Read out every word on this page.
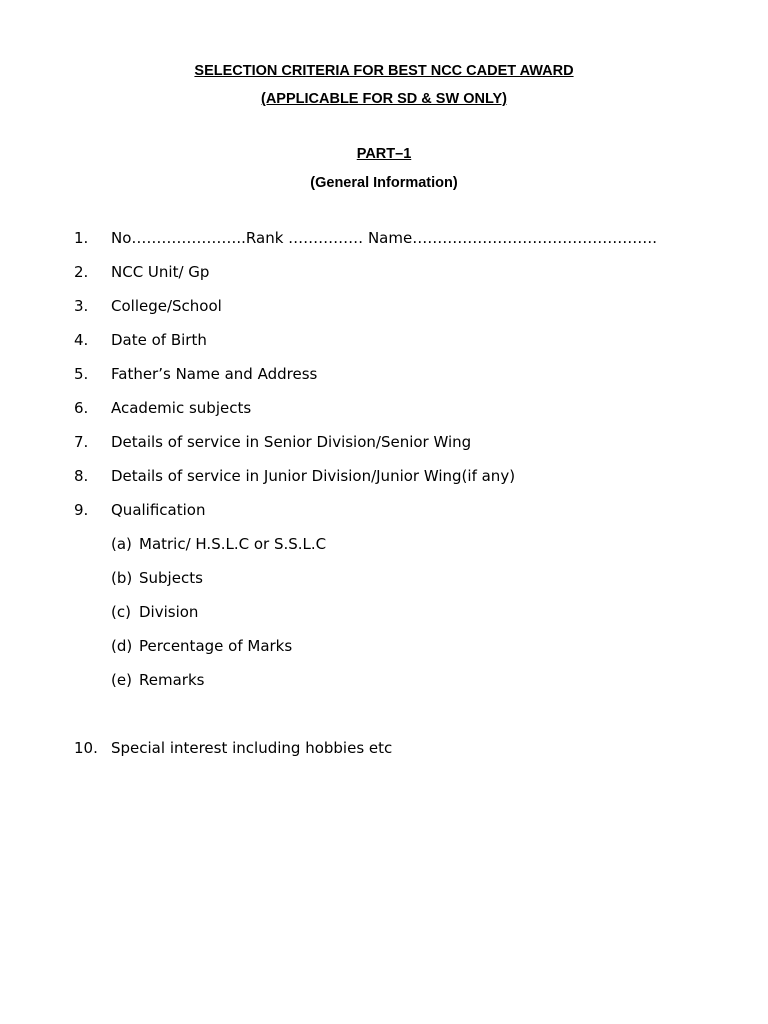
SELECTION CRITERIA FOR BEST NCC CADET AWARD

(APPLICABLE FOR SD & SW ONLY)

PART–1

(General Information)

1. No…………………..Rank …………… Name………………………………………….
2. NCC Unit/ Gp
3. College/School
4. Date of Birth
5. Father’s Name and Address
6. Academic subjects
7. Details of service in Senior Division/Senior Wing
8. Details of service in Junior Division/Junior Wing(if any)
9. Qualification
(a) Matric/ H.S.L.C or S.S.L.C
(b) Subjects
(c) Division
(d) Percentage of Marks
(e) Remarks
10. Special interest including hobbies etc
